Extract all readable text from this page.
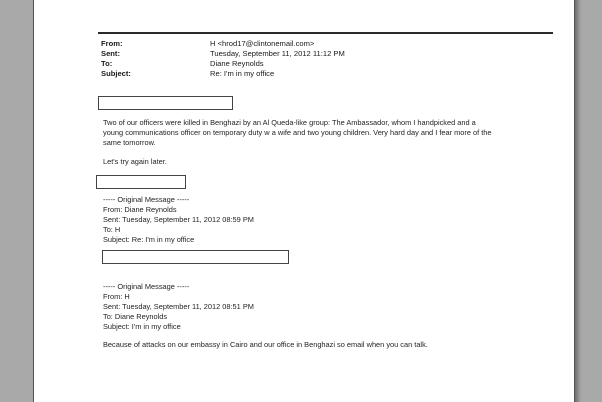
From:	H <hrod17@clintonemail.com>
Sent:	Tuesday, September 11, 2012 11:12 PM
To:	Diane Reynolds
Subject:	Re: I'm in my office
Two of our officers were killed in Benghazi by an Al Queda-like group: The Ambassador, whom I handpicked and a
young communications officer on temporary duty w a wife and two young children. Very hard day and I fear more of the
same tomorrow.
Let's try again later.
----- Original Message -----
From: Diane Reynolds
Sent: Tuesday, September 11, 2012 08:59 PM
To: H
Subject: Re: I'm in my office
----- Original Message -----
From: H
Sent: Tuesday, September 11, 2012 08:51 PM
To: Diane Reynolds
Subject: I'm in my office
Because of attacks on our embassy in Cairo and our office in Benghazi so email when you can talk.
